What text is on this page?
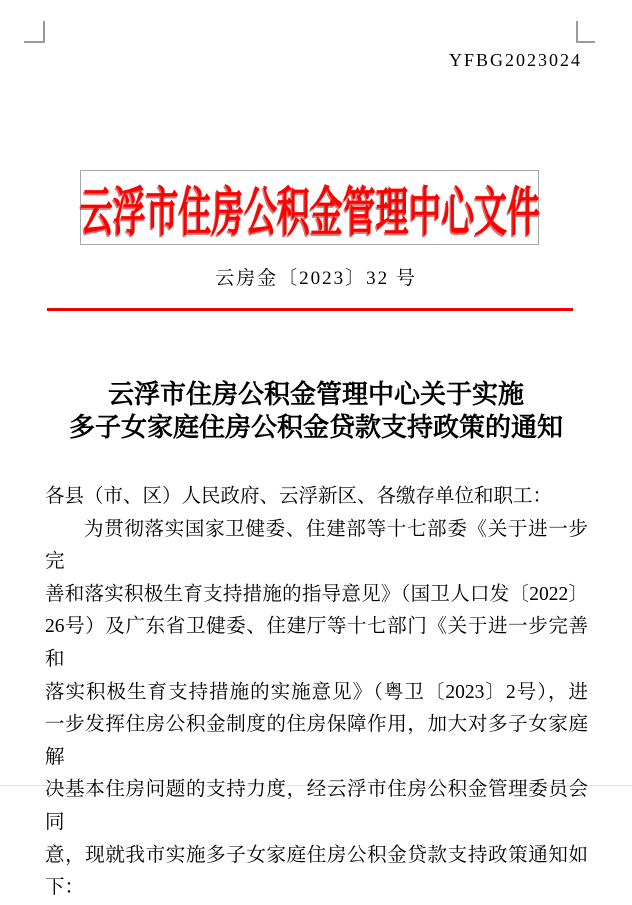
YFBG2023024
云浮市住房公积金管理中心文件
云房金〔2023〕32 号
云浮市住房公积金管理中心关于实施
多子女家庭住房公积金贷款支持政策的通知
各县（市、区）人民政府、云浮新区、各缴存单位和职工：
为贯彻落实国家卫健委、住建部等十七部委《关于进一步完
善和落实积极生育支持措施的指导意见》（国卫人口发〔2022〕
26号）及广东省卫健委、住建厅等十七部门《关于进一步完善和
落实积极生育支持措施的实施意见》（粤卫〔2023〕2号），进
一步发挥住房公积金制度的住房保障作用，加大对多子女家庭解
决基本住房问题的支持力度，经云浮市住房公积金管理委员会同
意，现就我市实施多子女家庭住房公积金贷款支持政策通知如
下：
